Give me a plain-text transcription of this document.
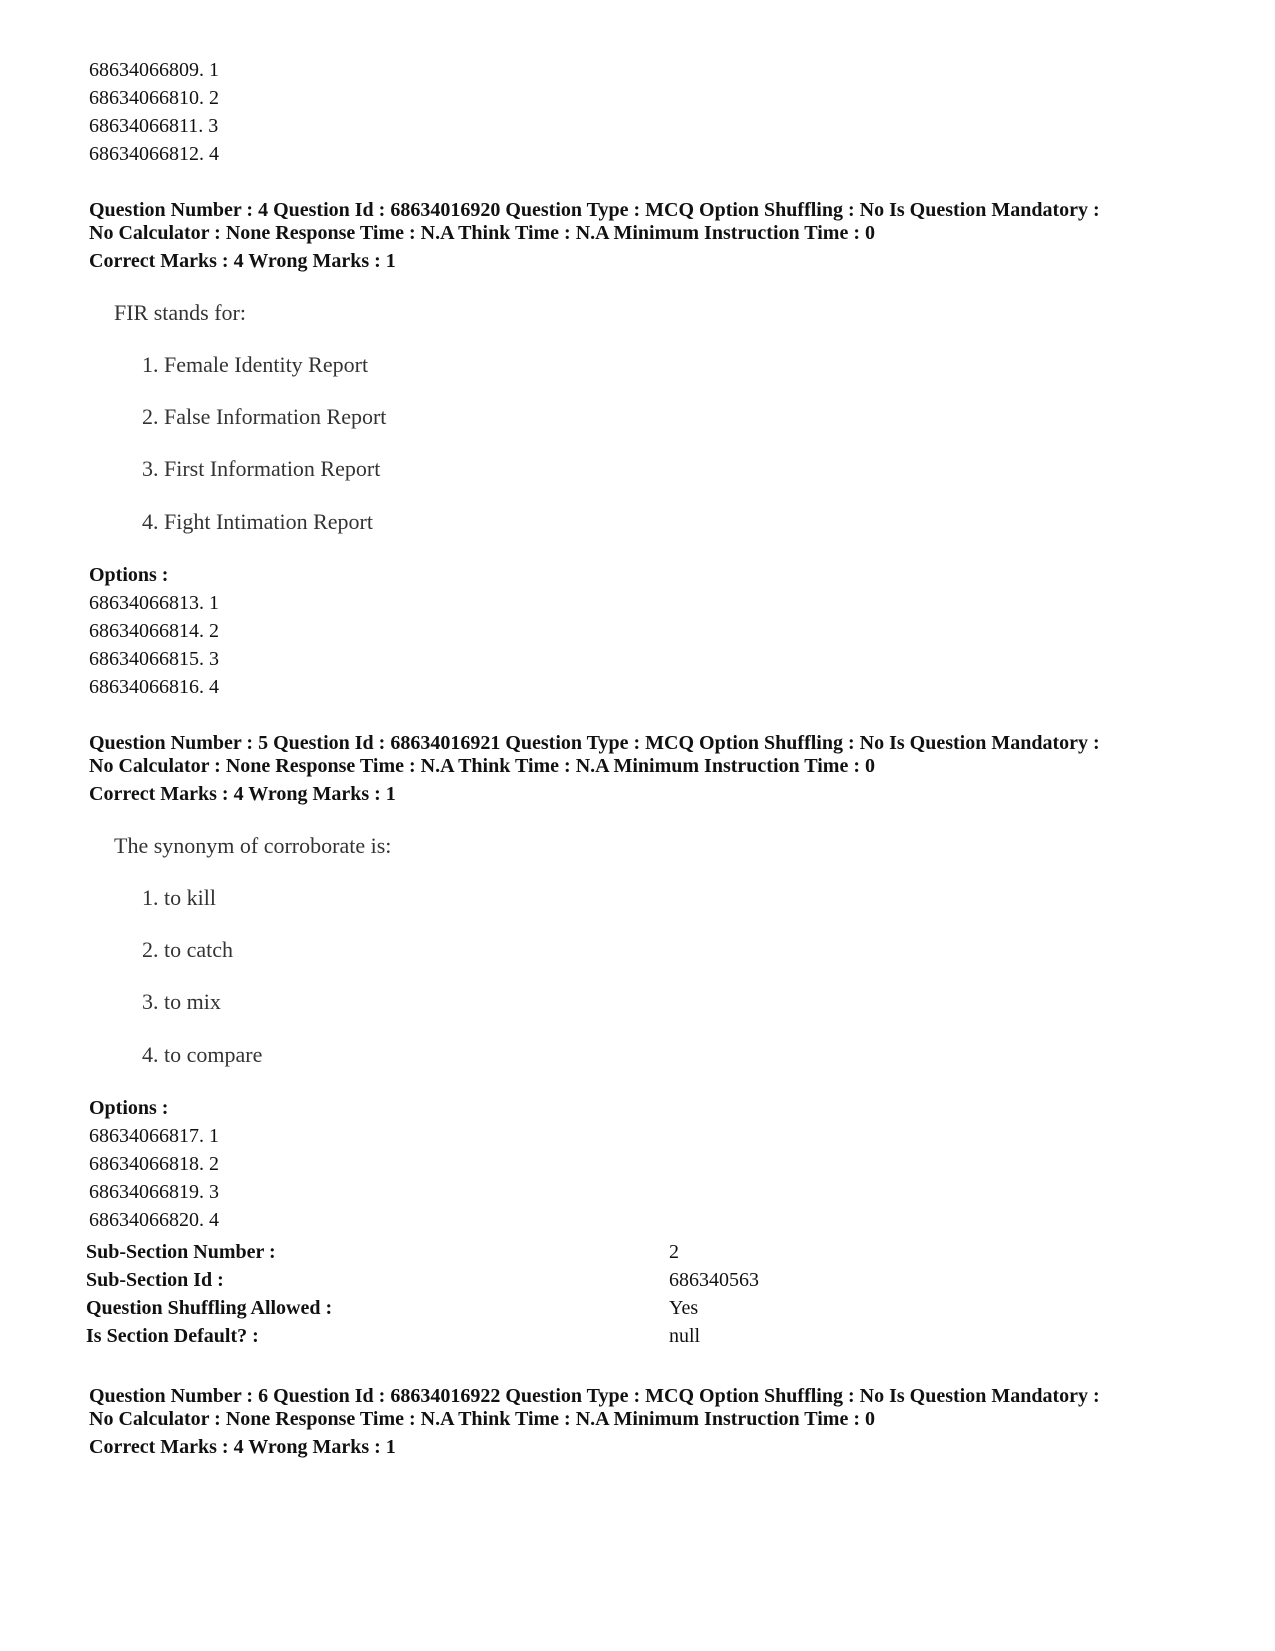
68634066809. 1
68634066810. 2
68634066811. 3
68634066812. 4
Question Number : 4 Question Id : 68634016920 Question Type : MCQ Option Shuffling : No Is Question Mandatory :
No Calculator : None Response Time : N.A Think Time : N.A Minimum Instruction Time : 0
Correct Marks : 4 Wrong Marks : 1
FIR stands for:
1. Female Identity Report
2. False Information Report
3. First Information Report
4. Fight Intimation Report
Options :
68634066813. 1
68634066814. 2
68634066815. 3
68634066816. 4
Question Number : 5 Question Id : 68634016921 Question Type : MCQ Option Shuffling : No Is Question Mandatory :
No Calculator : None Response Time : N.A Think Time : N.A Minimum Instruction Time : 0
Correct Marks : 4 Wrong Marks : 1
The synonym of corroborate is:
1. to kill
2. to catch
3. to mix
4. to compare
Options :
68634066817. 1
68634066818. 2
68634066819. 3
68634066820. 4
Sub-Section Number :	2
Sub-Section Id :	686340563
Question Shuffling Allowed :	Yes
Is Section Default? :	null
Question Number : 6 Question Id : 68634016922 Question Type : MCQ Option Shuffling : No Is Question Mandatory :
No Calculator : None Response Time : N.A Think Time : N.A Minimum Instruction Time : 0
Correct Marks : 4 Wrong Marks : 1
